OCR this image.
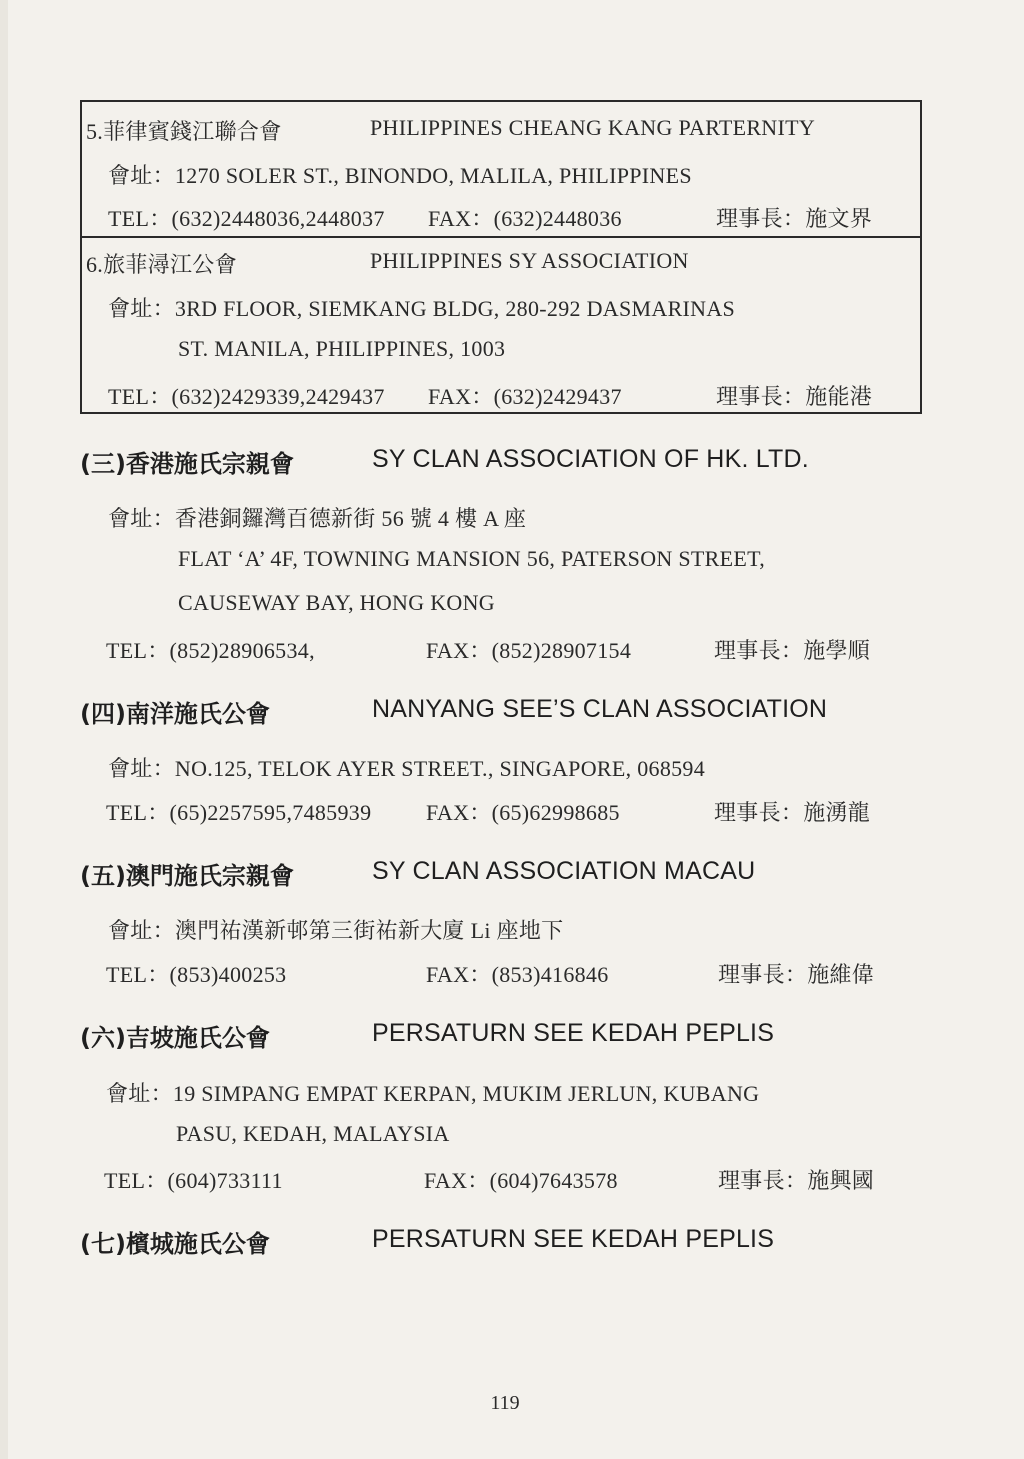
5.菲律賓錢江聯合會	PHILIPPINES CHEANG KANG PARTERNITY
會址：1270 SOLER ST., BINONDO, MALILA, PHILIPPINES
TEL：(632)2448036,2448037 FAX：(632)2448036	理事長：施文界
6.旅菲潯江公會	PHILIPPINES SY ASSOCIATION
會址：3RD FLOOR, SIEMKANG BLDG, 280-292 DASMARINAS
ST. MANILA, PHILIPPINES, 1003
TEL：(632)2429339,2429437 FAX：(632)2429437	理事長：施能港
(三)香港施氏宗親會	SY CLAN ASSOCIATION OF HK. LTD.
會址：香港銅鑼灣百德新街 56 號 4 樓 A 座
FLAT ‘A’ 4F, TOWNING MANSION 56, PATERSON STREET,
CAUSEWAY BAY, HONG KONG
TEL：(852)28906534,	FAX：(852)28907154	理事長：施學順
(四)南洋施氏公會	NANYANG SEE’S CLAN ASSOCIATION
會址：NO.125, TELOK AYER STREET., SINGAPORE, 068594
TEL：(65)2257595,7485939 FAX：(65)62998685	理事長：施湧龍
(五)澳門施氏宗親會	SY CLAN ASSOCIATION MACAU
會址：澳門祐漢新邨第三街祐新大廈 Li 座地下
TEL：(853)400253	FAX：(853)416846	理事長：施維偉
(六)吉坡施氏公會	PERSATURN SEE KEDAH PEPLIS
會址：19 SIMPANG EMPAT KERPAN, MUKIM JERLUN, KUBANG
PASU, KEDAH, MALAYSIA
TEL：(604)733111	FAX：(604)7643578	理事長：施興國
(七)檳城施氏公會	PERSATURN SEE KEDAH PEPLIS
119
